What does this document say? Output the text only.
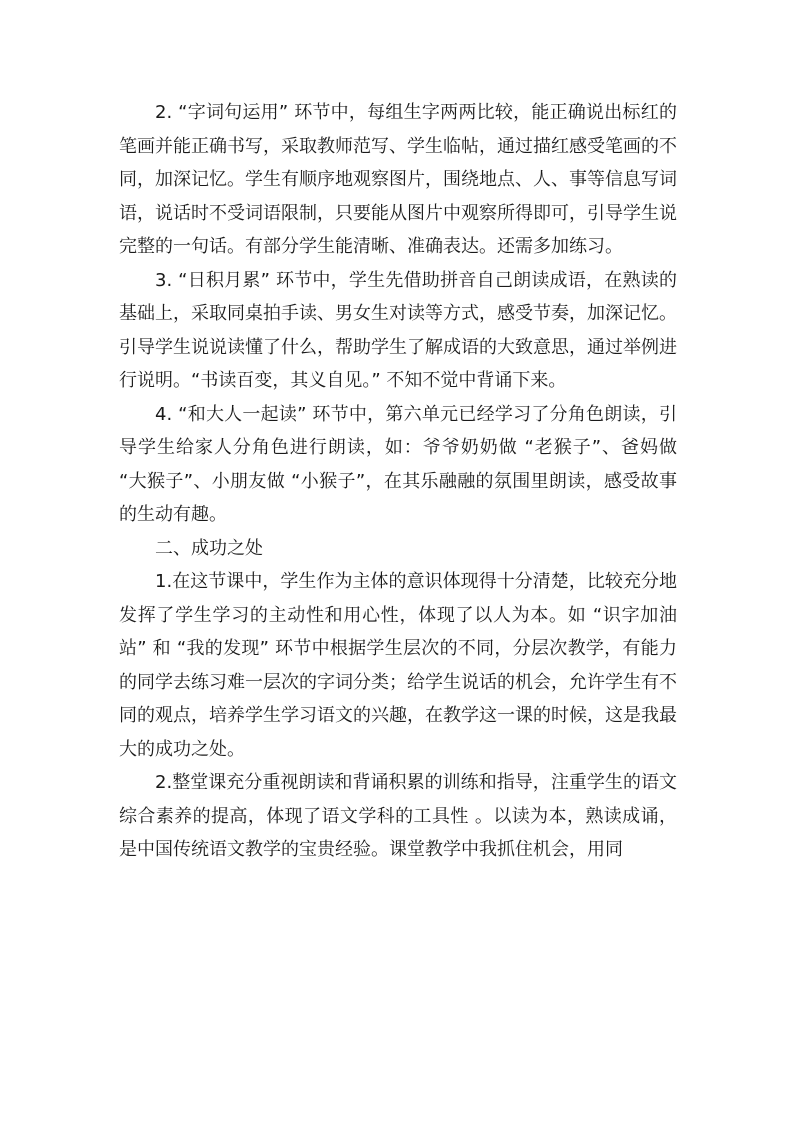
2. “字词句运用” 环节中，每组生字两两比较，能正确说出标红的笔画并能正确书写，采取教师范写、学生临帖，通过描红感受笔画的不同，加深记忆。学生有顺序地观察图片，围绕地点、人、事等信息写词语，说话时不受词语限制，只要能从图片中观察所得即可，引导学生说完整的一句话。有部分学生能清晰、准确表达。还需多加练习。

3. “日积月累” 环节中，学生先借助拼音自己朗读成语，在熟读的基础上，采取同桌拍手读、男女生对读等方式，感受节奏，加深记忆。引导学生说说读懂了什么，帮助学生了解成语的大致意思，通过举例进行说明。“书读百变，其义自见。” 不知不觉中背诵下来。

4. “和大人一起读” 环节中，第六单元已经学习了分角色朗读，引导学生给家人分角色进行朗读，如：爷爷奶奶做 “老猴子”、爸妈做 “大猴子”、小朋友做 “小猴子”，在其乐融融的氛围里朗读，感受故事的生动有趣。

二、成功之处

1.在这节课中，学生作为主体的意识体现得十分清楚，比较充分地发挥了学生学习的主动性和用心性，体现了以人为本。如 “识字加油站” 和 “我的发现” 环节中根据学生层次的不同，分层次教学，有能力的同学去练习难一层次的字词分类；给学生说话的机会，允许学生有不同的观点，培养学生学习语文的兴趣，在教学这一课的时候，这是我最大的成功之处。

2.整堂课充分重视朗读和背诵积累的训练和指导，注重学生的语文综合素养的提高，体现了语文学科的工具性 。以读为本，熟读成诵，是中国传统语文教学的宝贵经验。课堂教学中我抓住机会，用同
